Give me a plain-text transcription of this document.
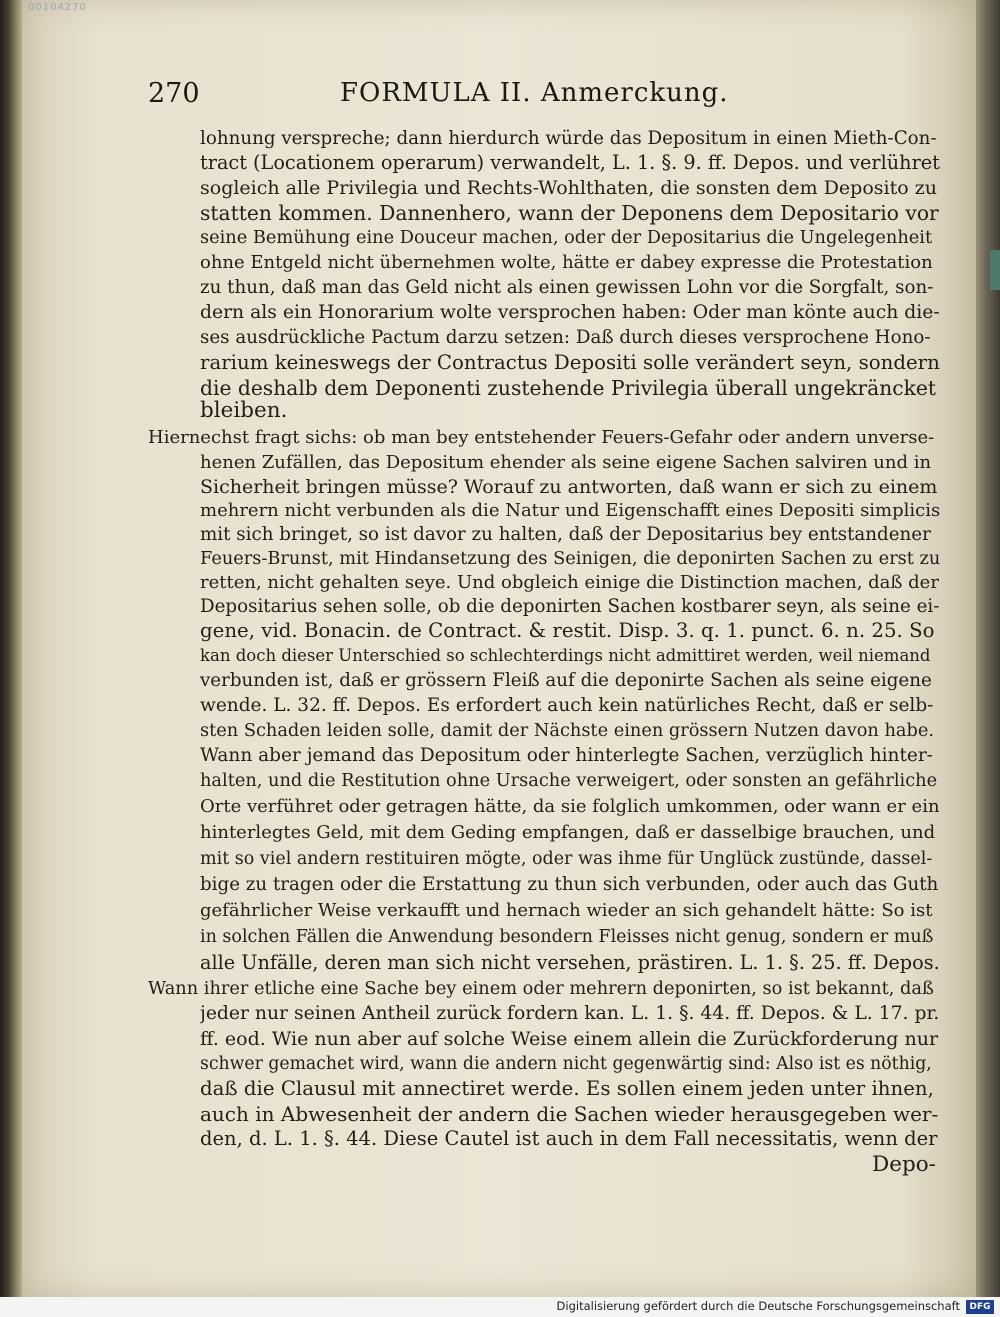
00104270
270	FORMULA II. Anmerckung.

lohnung verspreche; dann hierdurch würde das Depositum in einen Mieth-Con-

tract (Locationem operarum) verwandelt, L. 1. §. 9. ff. Depos. und verlühret

sogleich alle Privilegia und Rechts-Wohlthaten, die sonsten dem Deposito zu

statten kommen. Dannenhero, wann der Deponens dem Depositario vor

seine Bemühung eine Douceur machen, oder der Depositarius die Ungelegenheit

ohne Entgeld nicht übernehmen wolte, hätte er dabey expresse die Protestation

zu thun, daß man das Geld nicht als einen gewissen Lohn vor die Sorgfalt, son-

dern als ein Honorarium wolte versprochen haben: Oder man könte auch die-

ses ausdrückliche Pactum darzu setzen: Daß durch dieses versprochene Hono-

rarium keineswegs der Contractus Depositi solle verändert seyn, sondern

die deshalb dem Deponenti zustehende Privilegia überall ungekräncket

bleiben.

Hiernechst fragt sichs: ob man bey entstehender Feuers-Gefahr oder andern unverse-

henen Zufällen, das Depositum ehender als seine eigene Sachen salviren und in

Sicherheit bringen müsse? Worauf zu antworten, daß wann er sich zu einem

mehrern nicht verbunden als die Natur und Eigenschafft eines Depositi simplicis

mit sich bringet, so ist davor zu halten, daß der Depositarius bey entstandener

Feuers-Brunst, mit Hindansetzung des Seinigen, die deponirten Sachen zu erst zu

retten, nicht gehalten seye. Und obgleich einige die Distinction machen, daß der

Depositarius sehen solle, ob die deponirten Sachen kostbarer seyn, als seine ei-

gene, vid. Bonacin. de Contract. & restit. Disp. 3. q. 1. punct. 6. n. 25. So

kan doch dieser Unterschied so schlechterdings nicht admittiret werden, weil niemand

verbunden ist, daß er grössern Fleiß auf die deponirte Sachen als seine eigene

wende. L. 32. ff. Depos. Es erfordert auch kein natürliches Recht, daß er selb-

sten Schaden leiden solle, damit der Nächste einen grössern Nutzen davon habe.

Wann aber jemand das Depositum oder hinterlegte Sachen, verzüglich hinter-

halten, und die Restitution ohne Ursache verweigert, oder sonsten an gefährliche

Orte verführet oder getragen hätte, da sie folglich umkommen, oder wann er ein

hinterlegtes Geld, mit dem Geding empfangen, daß er dasselbige brauchen, und

mit so viel andern restituiren mögte, oder was ihme für Unglück zustünde, dassel-

bige zu tragen oder die Erstattung zu thun sich verbunden, oder auch das Guth

gefährlicher Weise verkaufft und hernach wieder an sich gehandelt hätte: So ist

in solchen Fällen die Anwendung besondern Fleisses nicht genug, sondern er muß

alle Unfälle, deren man sich nicht versehen, prästiren. L. 1. §. 25. ff. Depos.

Wann ihrer etliche eine Sache bey einem oder mehrern deponirten, so ist bekannt, daß

jeder nur seinen Antheil zurück fordern kan. L. 1. §. 44. ff. Depos. & L. 17. pr.

ff. eod. Wie nun aber auf solche Weise einem allein die Zurückforderung nur

schwer gemachet wird, wann die andern nicht gegenwärtig sind: Also ist es nöthig,

daß die Clausul mit annectiret werde. Es sollen einem jeden unter ihnen,

auch in Abwesenheit der andern die Sachen wieder herausgegeben wer-

den, d. L. 1. §. 44. Diese Cautel ist auch in dem Fall necessitatis, wenn der

Depo-

Digitalisierung gefördert durch die Deutsche Forschungsgemeinschaft	DFG
